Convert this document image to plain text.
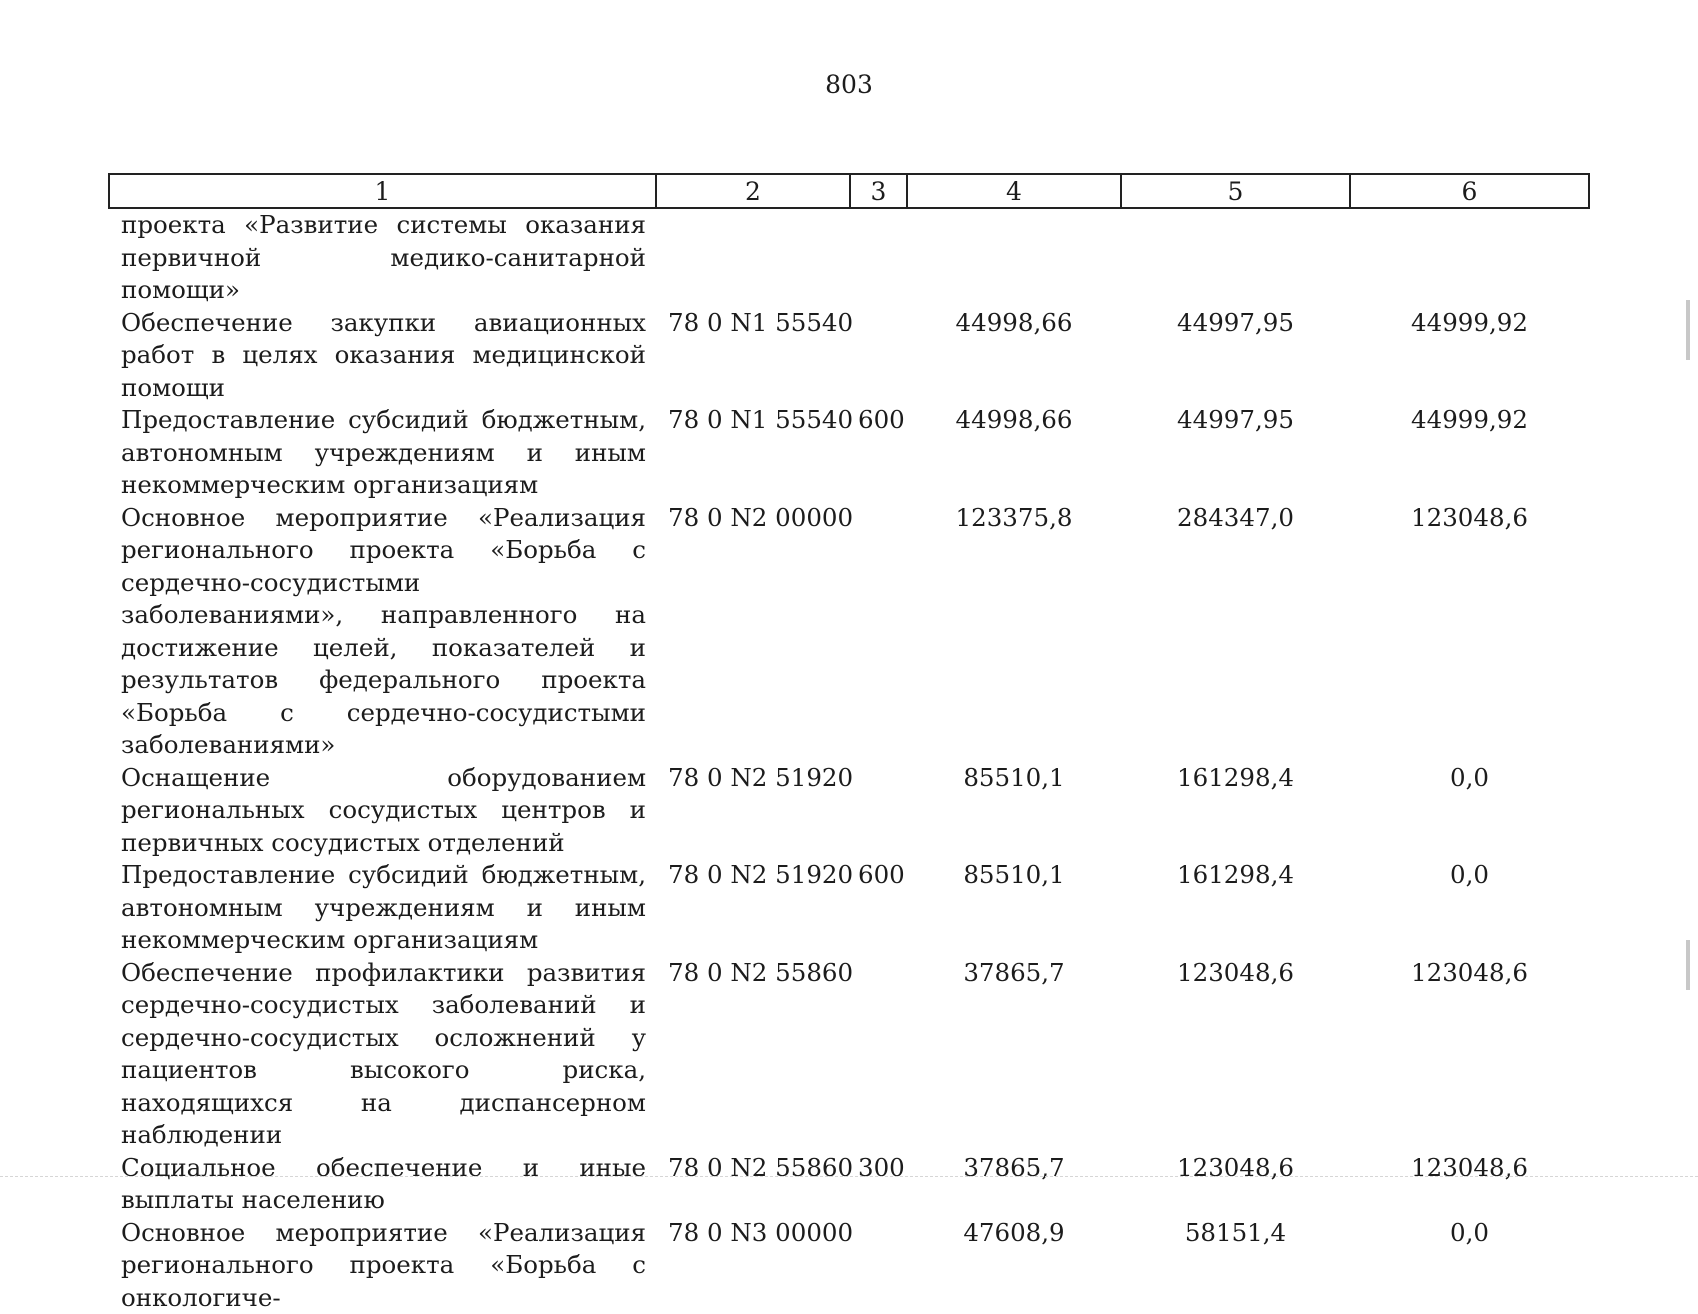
803
1	2	3	4	5	6
проекта «Развитие системы оказания первичной медико-санитарной помощи»					
Обеспечение закупки авиационных работ в целях оказания медицинской помощи	78 0 N1 55540		44998,66	44997,95	44999,92
Предоставление субсидий бюджетным, автономным учреждениям и иным некоммерческим организациям	78 0 N1 55540	600	44998,66	44997,95	44999,92
Основное мероприятие «Реализация регионального проекта «Борьба с сердечно-сосудистыми заболеваниями», направленного на достижение целей, показателей и результатов федерального проекта «Борьба с сердечно-сосудистыми заболеваниями»	78 0 N2 00000		123375,8	284347,0	123048,6
Оснащение оборудованием региональных сосудистых центров и первичных сосудистых отделений	78 0 N2 51920		85510,1	161298,4	0,0
Предоставление субсидий бюджетным, автономным учреждениям и иным некоммерческим организациям	78 0 N2 51920	600	85510,1	161298,4	0,0
Обеспечение профилактики развития сердечно-сосудистых заболеваний и сердечно-сосудистых осложнений у пациентов высокого риска, находящихся на диспансерном наблюдении	78 0 N2 55860		37865,7	123048,6	123048,6
Социальное обеспечение и иные выплаты населению	78 0 N2 55860	300	37865,7	123048,6	123048,6
Основное мероприятие «Реализация регионального проекта «Борьба с онкологиче-	78 0 N3 00000		47608,9	58151,4	0,0
